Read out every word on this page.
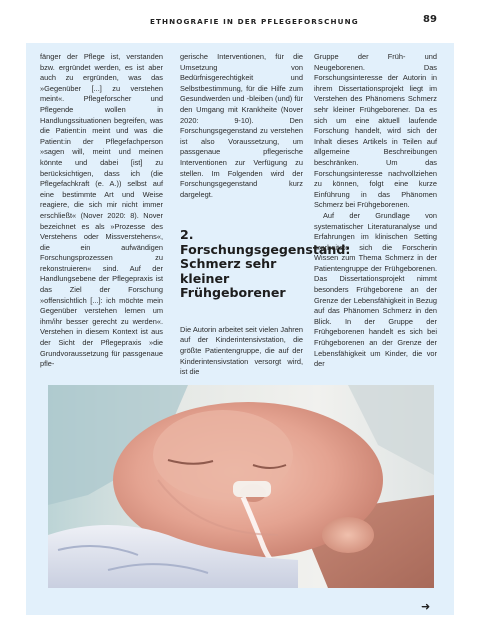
ETHNOGRAFIE IN DER PFLEGEFORSCHUNG	89

fänger der Pflege ist, verstanden bzw. ergründet werden, es ist aber auch zu ergründen, was das »Gegenüber [...] zu verstehen meint«. Pflegeforscher und Pflegende wollen in Handlungssituationen begreifen, was die Patient:in meint und was die Patient:in der Pflegefachperson »sagen will, meint und meinen könnte und dabei [ist] zu berücksichtigen, dass ich (die Pflegefachkraft (e. A.)) selbst auf eine bestimmte Art und Weise reagiere, die sich mir nicht immer erschließt« (Nover 2020: 8). Nover bezeichnet es als »Prozesse des Verstehens oder Missverstehens«, die ein aufwändigen Forschungsprozessen zu rekonstruieren« sind. Auf der Handlungsebene der Pflegepraxis ist das Ziel der Forschung »offensichtlich [...]: ich möchte mein Gegenüber verstehen lernen um ihm/ihr besser gerecht zu werden«. Verstehen in diesem Kontext ist aus der Sicht der Pflegepraxis »die Grundvoraussetzung für passgenaue pfle-

gerische Interventionen, für die Umsetzung von Bedürfnisgerechtigkeit und Selbstbestimmung, für die Hilfe zum Gesundwerden und -bleiben (und) für den Umgang mit Krankheite (Nover 2020: 9-10). Den Forschungsgegenstand zu verstehen ist also Voraussetzung, um passgenaue pflegerische Interventionen zur Verfügung zu stellen. Im Folgenden wird der Forschungsgegenstand kurz dargelegt.

2. Forschungsgegenstand: Schmerz sehr kleiner Frühgeborener

Die Autorin arbeitet seit vielen Jahren auf der Kinderintensivstation, die größte Patientengruppe, die auf der Kinderintensivstation versorgt wird, ist die

Gruppe der Früh- und Neugeborenen. Das Forschungsinteresse der Autorin in ihrem Dissertationsprojekt liegt im Verstehen des Phänomens Schmerz sehr kleiner Frühgeborener. Da es sich um eine aktuell laufende Forschung handelt, wird sich der Inhalt dieses Artikels in Teilen auf allgemeine Beschreibungen beschränken. Um das Forschungsinteresse nachvollziehen zu können, folgt eine kurze Einführung in das Phänomen Schmerz bei Frühgeborenen.

Auf der Grundlage von systematischer Literaturanalyse und Erfahrungen im klinischen Setting erarbeitete sich die Forscherin Wissen zum Thema Schmerz in der Patientengruppe der Frühgeborenen. Das Dissertationsprojekt nimmt besonders Frühgeborene an der Grenze der Lebensfähigkeit in Bezug auf das Phänomen Schmerz in den Blick. In der Gruppe der Frühgeborenen handelt es sich bei Frühgeborenen an der Grenze der Lebensfähigkeit um Kinder, die vor der

➜
